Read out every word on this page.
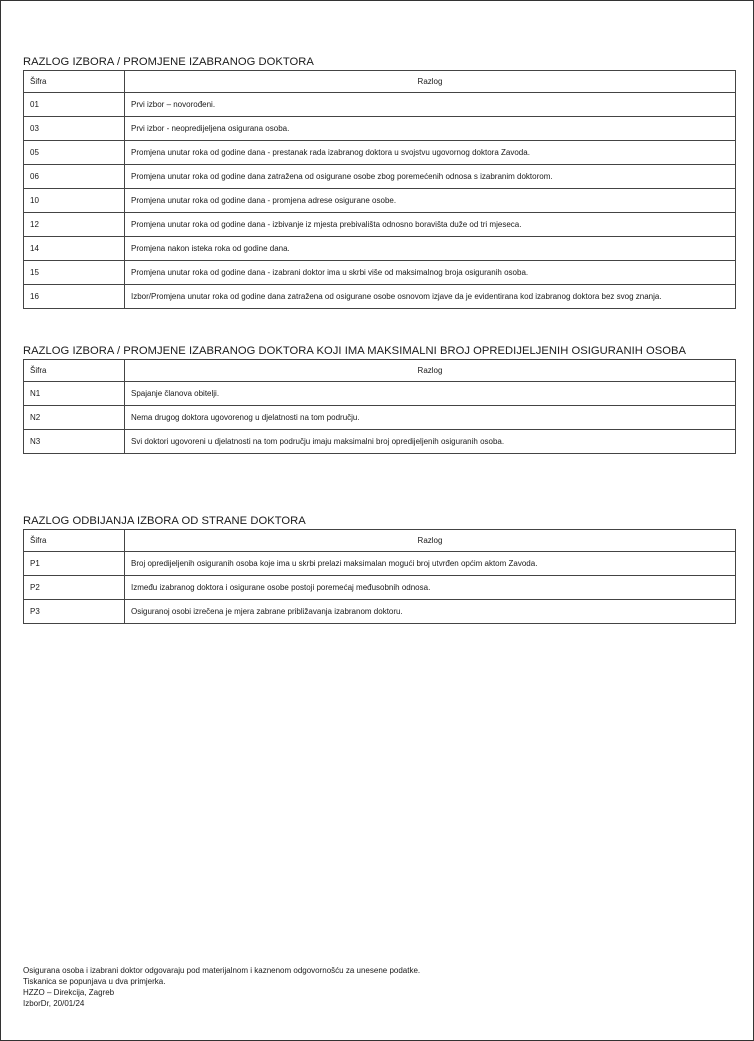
RAZLOG IZBORA / PROMJENE IZABRANOG DOKTORA
Šifra	Razlog
01	Prvi izbor – novorođeni.
03	Prvi izbor - neopredijeljena osigurana osoba.
05	Promjena unutar roka od godine dana - prestanak rada izabranog doktora u svojstvu ugovornog doktora Zavoda.
06	Promjena unutar roka od godine dana zatražena od osigurane osobe zbog poremećenih odnosa s izabranim doktorom.
10	Promjena unutar roka od godine dana - promjena adrese osigurane osobe.
12	Promjena unutar roka od godine dana - izbivanje iz mjesta prebivališta odnosno boravišta duže od tri mjeseca.
14	Promjena nakon isteka roka od godine dana.
15	Promjena unutar roka od godine dana - izabrani doktor ima u skrbi više od maksimalnog broja osiguranih osoba.
16	Izbor/Promjena unutar roka od godine dana zatražena od osigurane osobe osnovom izjave da je evidentirana kod izabranog doktora bez svog znanja.
RAZLOG IZBORA / PROMJENE IZABRANOG DOKTORA KOJI IMA MAKSIMALNI BROJ OPREDIJELJENIH OSIGURANIH OSOBA
Šifra	Razlog
N1	Spajanje članova obitelji.
N2	Nema drugog doktora ugovorenog u djelatnosti na tom području.
N3	Svi doktori ugovoreni u djelatnosti na tom području imaju maksimalni broj opredijeljenih osiguranih osoba.
RAZLOG ODBIJANJA IZBORA OD STRANE DOKTORA
Šifra	Razlog
P1	Broj opredijeljenih osiguranih osoba koje ima u skrbi prelazi maksimalan mogući broj utvrđen općim aktom Zavoda.
P2	Između izabranog doktora i osigurane osobe postoji poremećaj međusobnih odnosa.
P3	Osiguranoj osobi izrečena je mjera zabrane približavanja izabranom doktoru.
Osigurana osoba i izabrani doktor odgovaraju pod materijalnom i kaznenom odgovornošću za unesene podatke.
Tiskanica se popunjava u dva primjerka.
HZZO – Direkcija, Zagreb
IzborDr, 20/01/24
